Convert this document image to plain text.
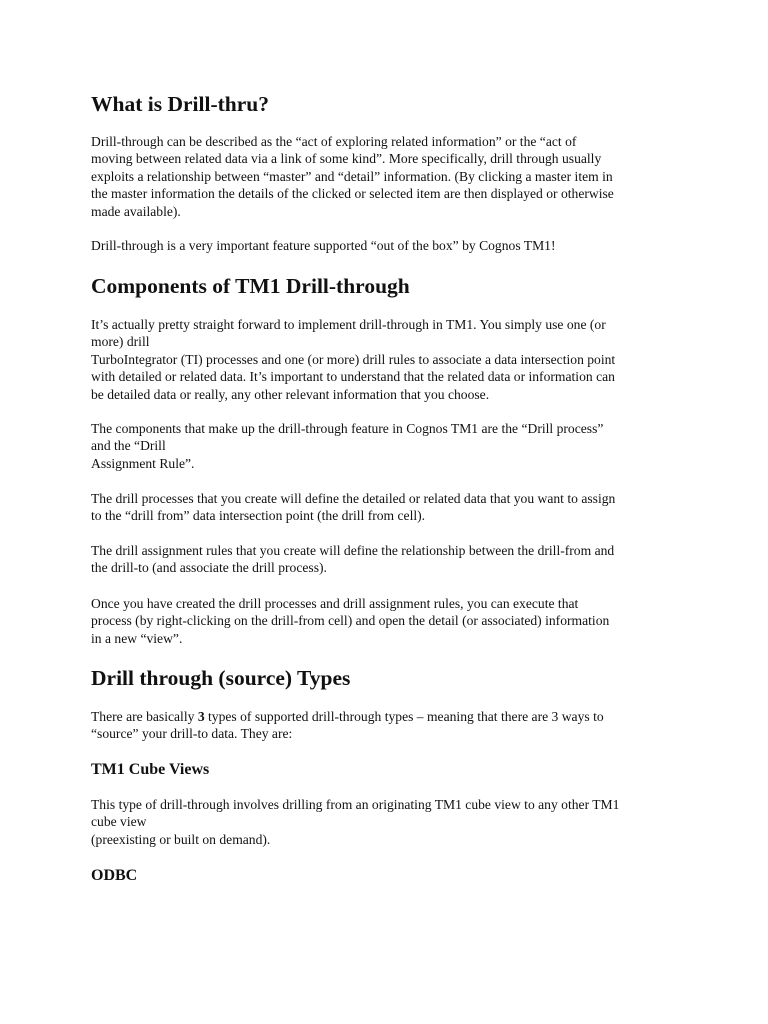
What is Drill-thru?
Drill-through can be described as the “act of exploring related information” or the “act of
moving between related data via a link of some kind”. More specifically, drill through usually
exploits a relationship between “master” and “detail” information. (By clicking a master item in
the master information the details of the clicked or selected item are then displayed or otherwise
made available).
Drill-through is a very important feature supported “out of the box” by Cognos TM1!
Components of TM1 Drill-through
It’s actually pretty straight forward to implement drill-through in TM1. You simply use one (or
more) drill
TurboIntegrator (TI) processes and one (or more) drill rules to associate a data intersection point
with detailed or related data. It’s important to understand that the related data or information can
be detailed data or really, any other relevant information that you choose.
The components that make up the drill-through feature in Cognos TM1 are the “Drill process”
and the “Drill
Assignment Rule”.
The drill processes that you create will define the detailed or related data that you want to assign
to the “drill from” data intersection point (the drill from cell).
The drill assignment rules that you create will define the relationship between the drill-from and
the drill-to (and associate the drill process).
Once you have created the drill processes and drill assignment rules, you can execute that
process (by right-clicking on the drill-from cell) and open the detail (or associated) information
in a new “view”.
Drill through (source) Types
There are basically 3 types of supported drill-through types – meaning that there are 3 ways to
“source” your drill-to data. They are:
TM1 Cube Views
This type of drill-through involves drilling from an originating TM1 cube view to any other TM1
cube view
(preexisting or built on demand).
ODBC
